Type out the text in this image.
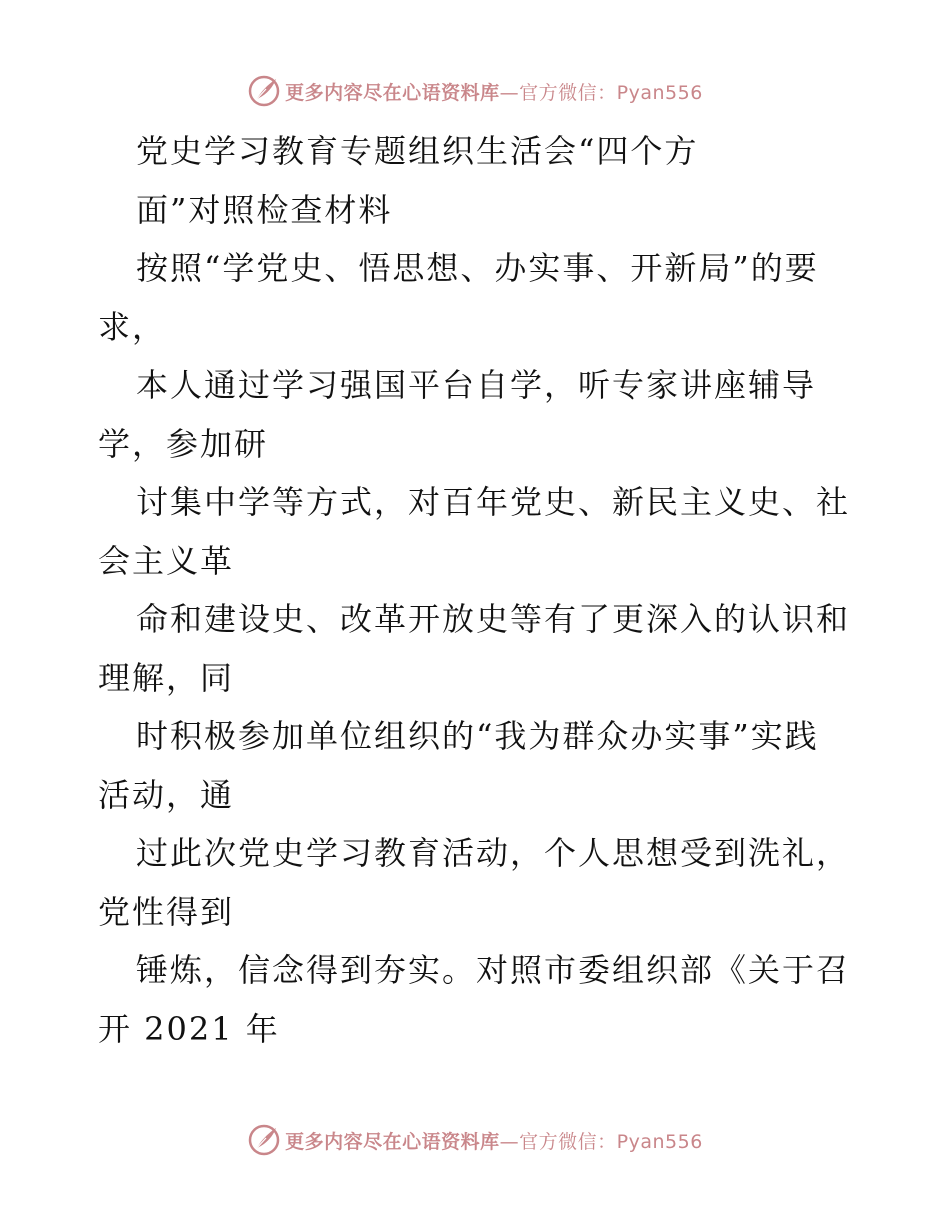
更多内容尽在心语资料库—官方微信：Pyan556
党史学习教育专题组织生活会“四个方
面”对照检查材料
按照“学党史、悟思想、办实事、开新局”的要
求，
本人通过学习强国平台自学，听专家讲座辅导
学，参加研
讨集中学等方式，对百年党史、新民主义史、社
会主义革
命和建设史、改革开放史等有了更深入的认识和
理解，同
时积极参加单位组织的“我为群众办实事”实践
活动，通
过此次党史学习教育活动，个人思想受到洗礼，
党性得到
锤炼，信念得到夯实。对照市委组织部《关于召
开 2021 年
更多内容尽在心语资料库—官方微信：Pyan556
